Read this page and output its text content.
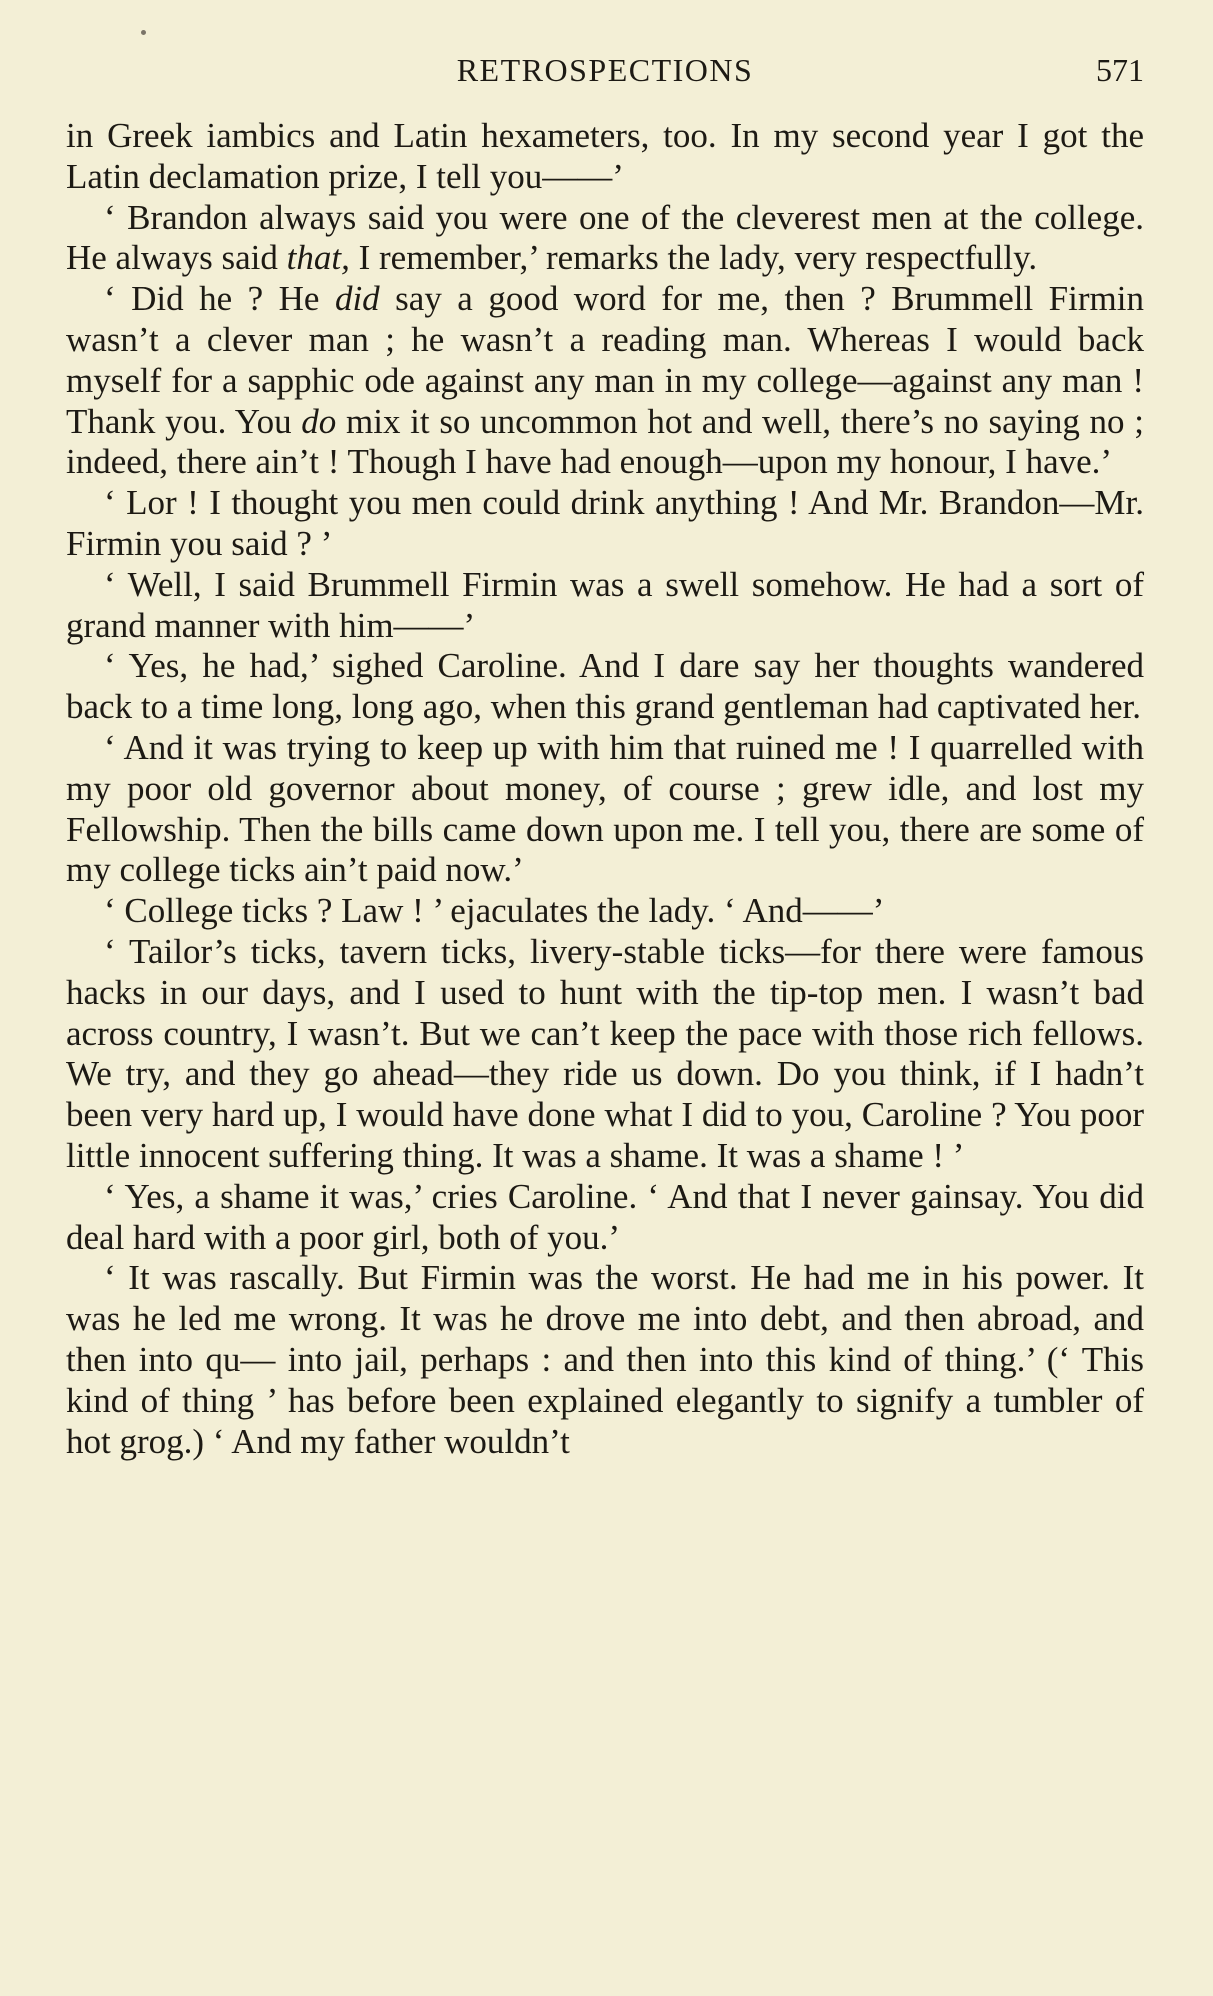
RETROSPECTIONS	571

in Greek iambics and Latin hexameters, too. In my second year I got the Latin declamation prize, I tell you——’

‘ Brandon always said you were one of the cleverest men at the college. He always said that, I remember,’ remarks the lady, very respectfully.

‘ Did he ? He did say a good word for me, then ? Brummell Firmin wasn’t a clever man ; he wasn’t a reading man. Whereas I would back myself for a sapphic ode against any man in my college—against any man ! Thank you. You do mix it so uncommon hot and well, there’s no saying no ; indeed, there ain’t ! Though I have had enough—upon my honour, I have.’

‘ Lor ! I thought you men could drink anything ! And Mr. Brandon—Mr. Firmin you said ? ’

‘ Well, I said Brummell Firmin was a swell somehow. He had a sort of grand manner with him——’

‘ Yes, he had,’ sighed Caroline. And I dare say her thoughts wandered back to a time long, long ago, when this grand gentleman had captivated her.

‘ And it was trying to keep up with him that ruined me ! I quarrelled with my poor old governor about money, of course ; grew idle, and lost my Fellowship. Then the bills came down upon me. I tell you, there are some of my college ticks ain’t paid now.’

‘ College ticks ? Law ! ’ ejaculates the lady. ‘ And——’

‘ Tailor’s ticks, tavern ticks, livery-stable ticks—for there were famous hacks in our days, and I used to hunt with the tip-top men. I wasn’t bad across country, I wasn’t. But we can’t keep the pace with those rich fellows. We try, and they go ahead—they ride us down. Do you think, if I hadn’t been very hard up, I would have done what I did to you, Caroline ? You poor little innocent suffering thing. It was a shame. It was a shame ! ’

‘ Yes, a shame it was,’ cries Caroline. ‘ And that I never gainsay. You did deal hard with a poor girl, both of you.’

‘ It was rascally. But Firmin was the worst. He had me in his power. It was he led me wrong. It was he drove me into debt, and then abroad, and then into qu— into jail, perhaps : and then into this kind of thing.’ (‘ This kind of thing ’ has before been explained elegantly to signify a tumbler of hot grog.) ‘ And my father wouldn’t
